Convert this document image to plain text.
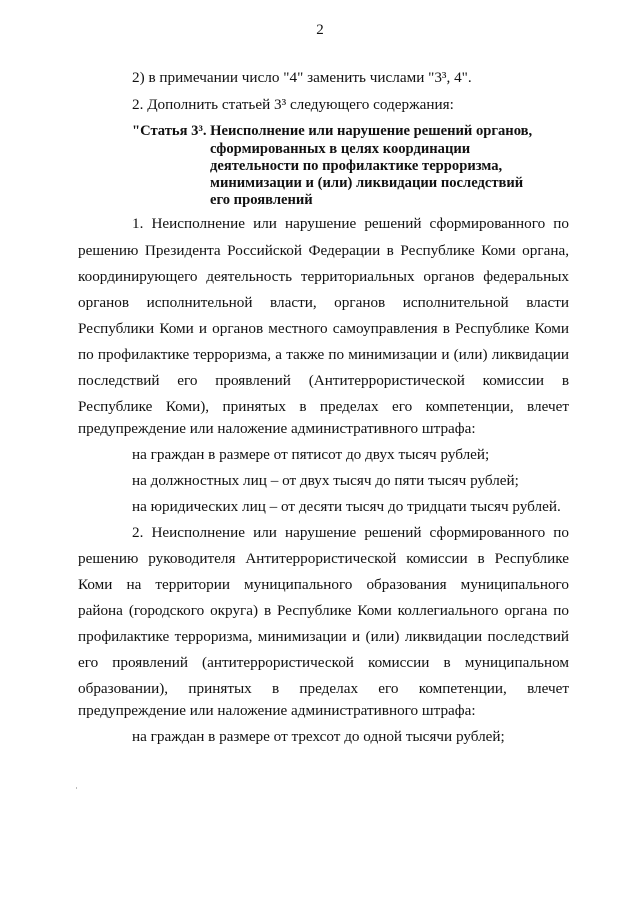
2
2) в примечании число "4" заменить числами "3³, 4".
2. Дополнить статьей 3³ следующего содержания:
"Статья 3³. Неисполнение или нарушение решений органов,
сформированных в целях координации
деятельности по профилактике терроризма,
минимизации и (или) ликвидации последствий
его проявлений
1. Неисполнение или нарушение решений сформированного по
решению Президента Российской Федерации в Республике Коми органа,
координирующего деятельность территориальных органов федеральных
органов исполнительной власти, органов исполнительной власти
Республики Коми и органов местного самоуправления в Республике Коми
по профилактике терроризма, а также по минимизации и (или) ликвидации
последствий его проявлений (Антитеррористической комиссии в
Республике Коми), принятых в пределах его компетенции, влечет
предупреждение или наложение административного штрафа:
на граждан в размере от пятисот до двух тысяч рублей;
на должностных лиц – от двух тысяч до пяти тысяч рублей;
на юридических лиц – от десяти тысяч до тридцати тысяч рублей.
2. Неисполнение или нарушение решений сформированного по
решению руководителя Антитеррористической комиссии в Республике
Коми на территории муниципального образования муниципального
района (городского округа) в Республике Коми коллегиального органа по
профилактике терроризма, минимизации и (или) ликвидации последствий
его проявлений (антитеррористической комиссии в муниципальном
образовании), принятых в пределах его компетенции, влечет
предупреждение или наложение административного штрафа:
на граждан в размере от трехсот до одной тысячи рублей;
